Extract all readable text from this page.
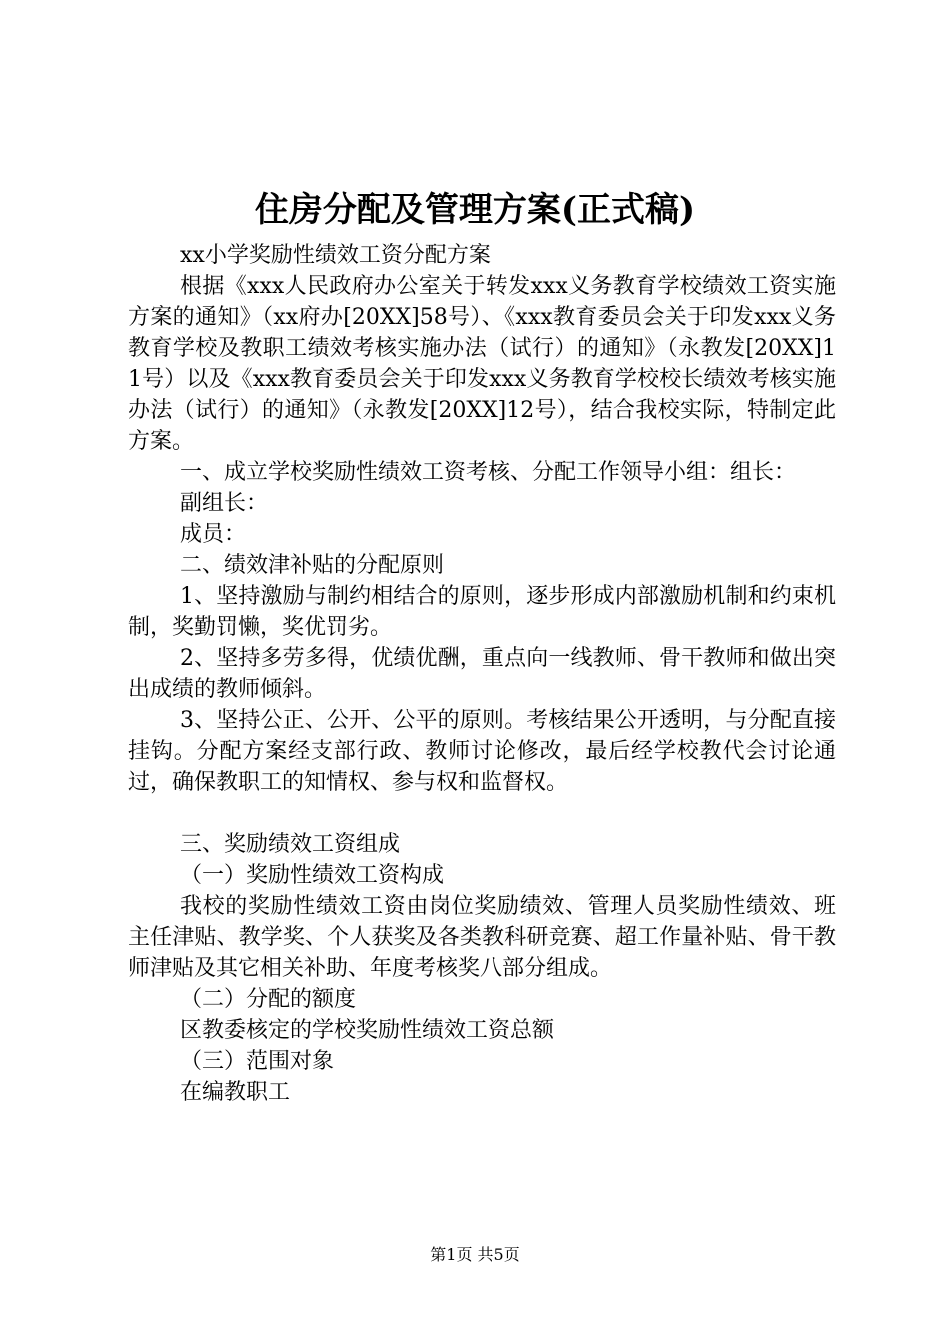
住房分配及管理方案(正式稿)

xx小学奖励性绩效工资分配方案

根据《xxx人民政府办公室关于转发xxx义务教育学校绩效工资实施方案的通知》（xx府办[20XX]58号）、《xxx教育委员会关于印发xxx义务教育学校及教职工绩效考核实施办法（试行）的通知》（永教发[20XX]11号）以及《xxx教育委员会关于印发xxx义务教育学校校长绩效考核实施办法（试行）的通知》（永教发[20XX]12号），结合我校实际，特制定此方案。

一、成立学校奖励性绩效工资考核、分配工作领导小组：组长：

副组长：

成员：

二、绩效津补贴的分配原则

1、坚持激励与制约相结合的原则，逐步形成内部激励机制和约束机制，奖勤罚懒，奖优罚劣。

2、坚持多劳多得，优绩优酬，重点向一线教师、骨干教师和做出突出成绩的教师倾斜。

3、坚持公正、公开、公平的原则。考核结果公开透明，与分配直接挂钩。分配方案经支部行政、教师讨论修改，最后经学校教代会讨论通过，确保教职工的知情权、参与权和监督权。

三、奖励绩效工资组成

（一）奖励性绩效工资构成

我校的奖励性绩效工资由岗位奖励绩效、管理人员奖励性绩效、班主任津贴、教学奖、个人获奖及各类教科研竞赛、超工作量补贴、骨干教师津贴及其它相关补助、年度考核奖八部分组成。

（二）分配的额度

区教委核定的学校奖励性绩效工资总额

（三）范围对象

在编教职工

第1页 共5页
